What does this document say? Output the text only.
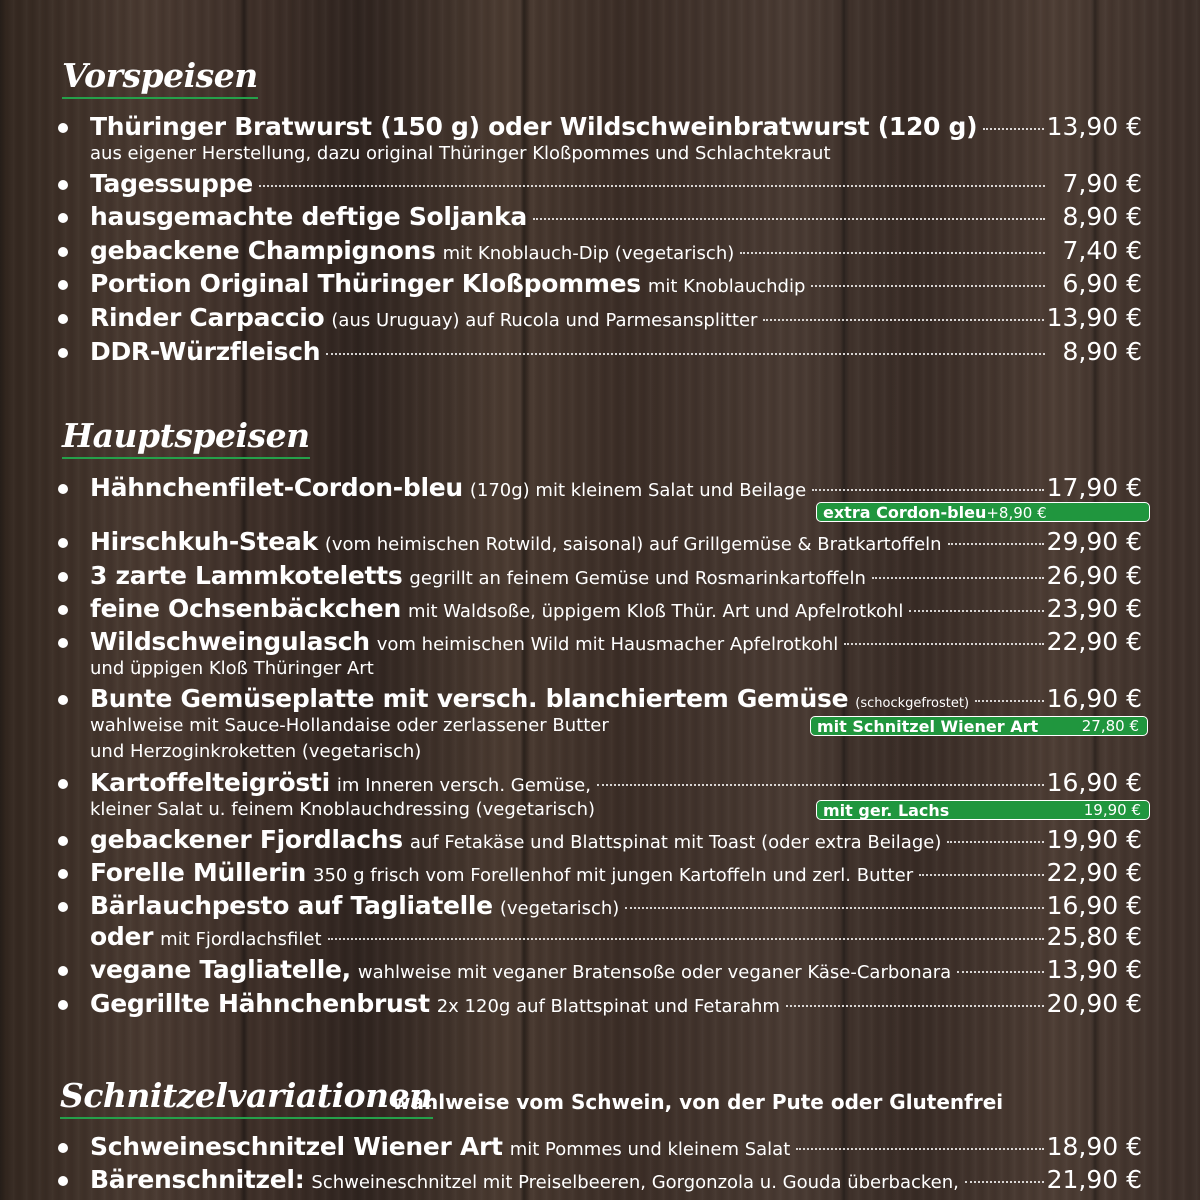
Vorspeisen
Thüringer Bratwurst (150 g) oder Wildschweinbratwurst (120 g)	13,90 €
aus eigener Herstellung, dazu original Thüringer Kloßpommes und Schlachtekraut
Tagessuppe	7,90 €
hausgemachte deftige Soljanka	8,90 €
gebackene Champignons mit Knoblauch-Dip (vegetarisch)	7,40 €
Portion Original Thüringer Kloßpommes mit Knoblauchdip	6,90 €
Rinder Carpaccio (aus Uruguay) auf Rucola und Parmesansplitter	13,90 €
DDR-Würzfleisch	8,90 €
Hauptspeisen
Hähnchenfilet-Cordon-bleu (170g) mit kleinem Salat und Beilage	17,90 €
extra Cordon-bleu+8,90 €
Hirschkuh-Steak (vom heimischen Rotwild, saisonal) auf Grillgemüse & Bratkartoffeln	29,90 €
3 zarte Lammkoteletts gegrillt an feinem Gemüse und Rosmarinkartoffeln	26,90 €
feine Ochsenbäckchen mit Waldsoße, üppigem Kloß Thür. Art und Apfelrotkohl	23,90 €
Wildschweingulasch vom heimischen Wild mit Hausmacher Apfelrotkohl	22,90 €
und üppigen Kloß Thüringer Art
Bunte Gemüseplatte mit versch. blanchiertem Gemüse (schockgefrostet)	16,90 €
wahlweise mit Sauce-Hollandaise oder zerlassener Butter
und Herzoginkroketten (vegetarisch)
mit Schnitzel Wiener Art	27,80 €
Kartoffelteigrösti im Inneren versch. Gemüse,	16,90 €
kleiner Salat u. feinem Knoblauchdressing (vegetarisch)	mit ger. Lachs	19,90 €
gebackener Fjordlachs auf Fetakäse und Blattspinat mit Toast (oder extra Beilage)	19,90 €
Forelle Müllerin 350 g frisch vom Forellenhof mit jungen Kartoffeln und zerl. Butter	22,90 €
Bärlauchpesto auf Tagliatelle (vegetarisch)	16,90 €
oder mit Fjordlachsfilet	25,80 €
vegane Tagliatelle, wahlweise mit veganer Bratensoße oder veganer Käse-Carbonara	13,90 €
Gegrillte Hähnchenbrust 2x 120g auf Blattspinat und Fetarahm	20,90 €
Schnitzelvariationen
wahlweise vom Schwein, von der Pute oder Glutenfrei
Schweineschnitzel Wiener Art mit Pommes und kleinem Salat	18,90 €
Bärenschnitzel: Schweineschnitzel mit Preiselbeeren, Gorgonzola u. Gouda überbacken,	21,90 €
